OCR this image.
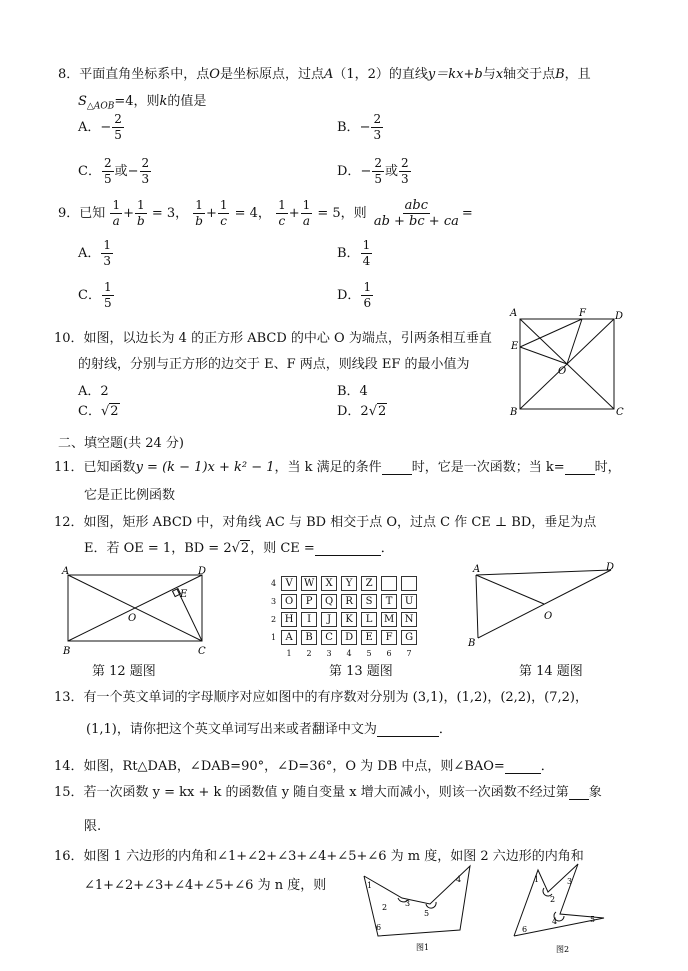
8．平面直角坐标系中，点O是坐标原点，过点A（1，2）的直线y＝kx+b与x轴交于点B，且
$S_{\triangle AOB}=4$，则k的值是
A．− $\frac{2}{5}$	B．− $\frac{2}{3}$
C． $\frac{2}{5}$ 或− $\frac{2}{3}$	D．− $\frac{2}{5}$ 或 $\frac{2}{3}$
9．已知 $\frac{1}{a} + \frac{1}{b} = 3$， $\frac{1}{b} + \frac{1}{c} = 4$， $\frac{1}{c} + \frac{1}{a} = 5$，则 $\frac{\text{abc}}{ab + bc + ca}$ =
A． $\frac{1}{3}$	B． $\frac{1}{4}$
C． $\frac{1}{5}$	D． $\frac{1}{6}$
10．如图，以边长为 4 的正方形 ABCD 的中心 O 为端点，引两条相互垂直
的射线，分别与正方形的边交于 E、F 两点，则线段 EF 的最小值为
A．2	B．4
C．√2	D．2√2
A	D
B	C
E
F
O
二、填空题(共 24 分)
11．已知函数y = (k − 1)x + k² − 1，当 k 满足的条件 时，它是一次函数；当 k= 时，
它是正比例函数
12．如图，矩形 ABCD 中，对角线 AC 与 BD 相交于点 O，过点 C 作 CE ⊥ BD，垂足为点
E．若 OE = 1，BD = 2√2，则 CE =	．
A	D
B	C
E
O
第 12 题图
4	V	W	X	Y	Z		
3	O	P	Q	R	S	T	U
2	H	I	J	K	L	M	N
1	A	B	C	D	E	F	G
	1	2	3	4	5	6	7
第 13 题图
A	D
B
O
第 14 题图
13．有一个英文单词的字母顺序对应如图中的有序数对分别为 (3,1)，(1,2)，(2,2)，(7,2)，
(1,1)，请你把这个英文单词写出来或者翻译中文为	．
14．如图，Rt△DAB，∠DAB=90°，∠D=36°，O 为 DB 中点，则∠BAO=	．
15．若一次函数 y = kx + k 的函数值 y 随自变量 x 增大而减小，则该一次函数不经过第 象
限.
16．如图 1 六边形的内角和∠1+∠2+∠3+∠4+∠5+∠6 为 m 度，如图 2 六边形的内角和
∠1+∠2+∠3+∠4+∠5+∠6 为 n 度，则	1
2 3
4
5
6
图1
1
2
3
4	5
6
图2
